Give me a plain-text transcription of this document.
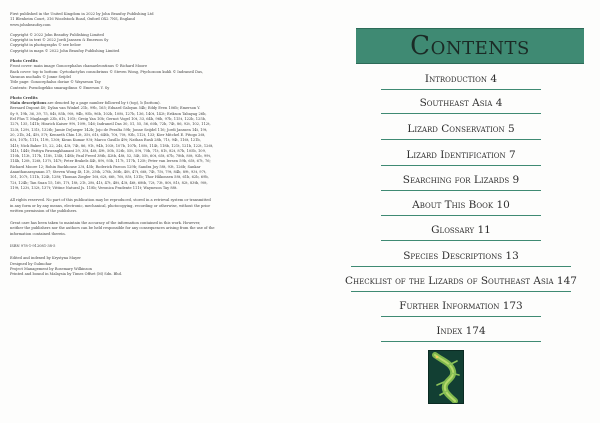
First published in the United Kingdom in 2022 by John Beaufoy Publishing Ltd

11 Blenheim Court, 316 Woodstock Road, Oxford OX2 7NS, England

www.johnbeaufoy.com

Copyright © 2022 John Beaufoy Publishing Limited

Copyright in text © 2022 Jordi Janssen & Emerson Sy

Copyright in photographs © see below

Copyright in maps © 2022 John Beaufoy Publishing Limited

Photo Credits

Front cover: main image Gonocephalus chamaeleontinus © Richard Moore

Back cover: top to bottom: Cyrtodactylus consobrinus © Steven Wong, Ptychozoon kuhli © Indraneil Das,

Varanus nuchalis © Jonne Seijdel

Title page: Gonocephalus doriae © Wayneson Tay

Contents: Pseudogekko smaragdinus © Emerson Y. Sy

Photo Credits

Main descriptions are denoted by a page number followed by t (top), b (bottom).

Bernard Dupont 40; Dylan van Winkel 21b, 99b, 165; Eduard Galoyan 54b; Eddy Even 106b; Emerson Y.

Sy 9, 19b, 36, 39, 75, 84t, 85b, 90t, 94b, 95b, 96b, 102b, 108t, 127b, 136, 140t, 142t; Erikson Tabayag 26b,

Eel Plus T. Maglangit 23b, 61t, 101t; Greig Yan 10b; Gernot Vogel 10t, 33, 64b, 96b, 97b, 115t, 122b, 125b,

127t, 135, 141b; Hinrich Kaiser 99t, 109t, 146; Indraneil Das 30, 51, 55, 56, 60b, 72b, 74t, 86, 92t, 102, 112t,

123t, 129t, 131t, 132tb; Jamie DeJaeger 142b; Jojo de Peralta 59b; Jonne Seijdel 116; Jordi Janssen 14t, 19t,

20, 21b, 34, 45t, 57t; Kenneth Chin 13t, 35t, 61t, 64tb, 70t, 70t, 93b, 112t, 133; Kier Mitchel E. Pitogo 26t,

63t, 107b, 111t, 119t, 130t; Kiran Kumar 93t; Marco Gasillo 49t; Nathan Rusli 28b, 71t, 94t, 116t, 121b,

141t; Nick Baker 15, 22, 24t, 43t, 74t, 86, 91t, 94b, 103t, 107b, 107b, 108t, 114t, 118b, 121t, 121b, 122t, 126t,

141t, 144t; Pattiya Pawangkhanant 29, 35t, 46t, 49t, 50b, 52tb, 55t, 59t, 70b, 71t, 81t, 82t, 87b, 105b, 109,

110b, 113t, 117b, 118t, 134t, 148b; Paul Freed 38tb, 42tb, 48t, 52, 54t, 55t, 60t, 65t, 67b, 78tb, 80t, 92b, 99t,

114b, 120t, 126t, 137t, 147t; Peter Brakels 44t, 89t, 93b, 117t, 117b, 125t; Peter van Iersen 59b, 65t, 67t, 76;

Richard Moore 12; Rohin Backhouse 23t, 45b; Roderick Parcon 129b; Sandra Joy 58t, 93t, 126b; Sankar

Ananthanarayanan 37; Steven Wong 4t, 13t, 25tb, 27tb, 36tb, 40t, 47t, 66t, 74t, 75t, 79t, 84b, 89t, 93t, 97t,

101, 107t, 111b, 124t, 128t; Thomas Ziegler 16t, 62t, 66t, 76t, 85t, 131b; Thor Håkonsen 58t, 61b, 62b, 69b,

72t, 124b; Tan Suan 15, 16t, 17t, 18t, 21t, 28t, 41t, 47t, 48t, 43t, 46t, 68tb, 72t, 73t, 80t, 81t, 82t, 83tb, 90t,

119t, 123t, 132t, 137t; Vittine Natural Js. 118b; Veronica Pradente 111t; Wayneson Tay 88t.

All rights reserved. No part of this publication may be reproduced, stored in a retrieval system or transmitted

in any form or by any means, electronic, mechanical, photocopying, recording or otherwise, without the prior

written permission of the publishers.

Great care has been taken to maintain the accuracy of the information contained in this work. However,

neither the publishers nor the authors can be held responsible for any consequences arising from the use of the

information contained therein.

ISBN 978-1-912081-38-5

Edited and indexed by Krystyna Mayer

Designed by Gulmohar

Project Management by Rosemary Wilkinson

Printed and bound in Malaysia by Times Offset (M) Sdn. Bhd.

Contents
Introduction 4
Southeast Asia 4
Lizard Conservation 5
Lizard Identification 7
Searching for Lizards 9
About This Book 10
Glossary 11
Species Descriptions 13
Checklist of the Lizards of Southeast Asia 147
Further Information 173
Index 174
